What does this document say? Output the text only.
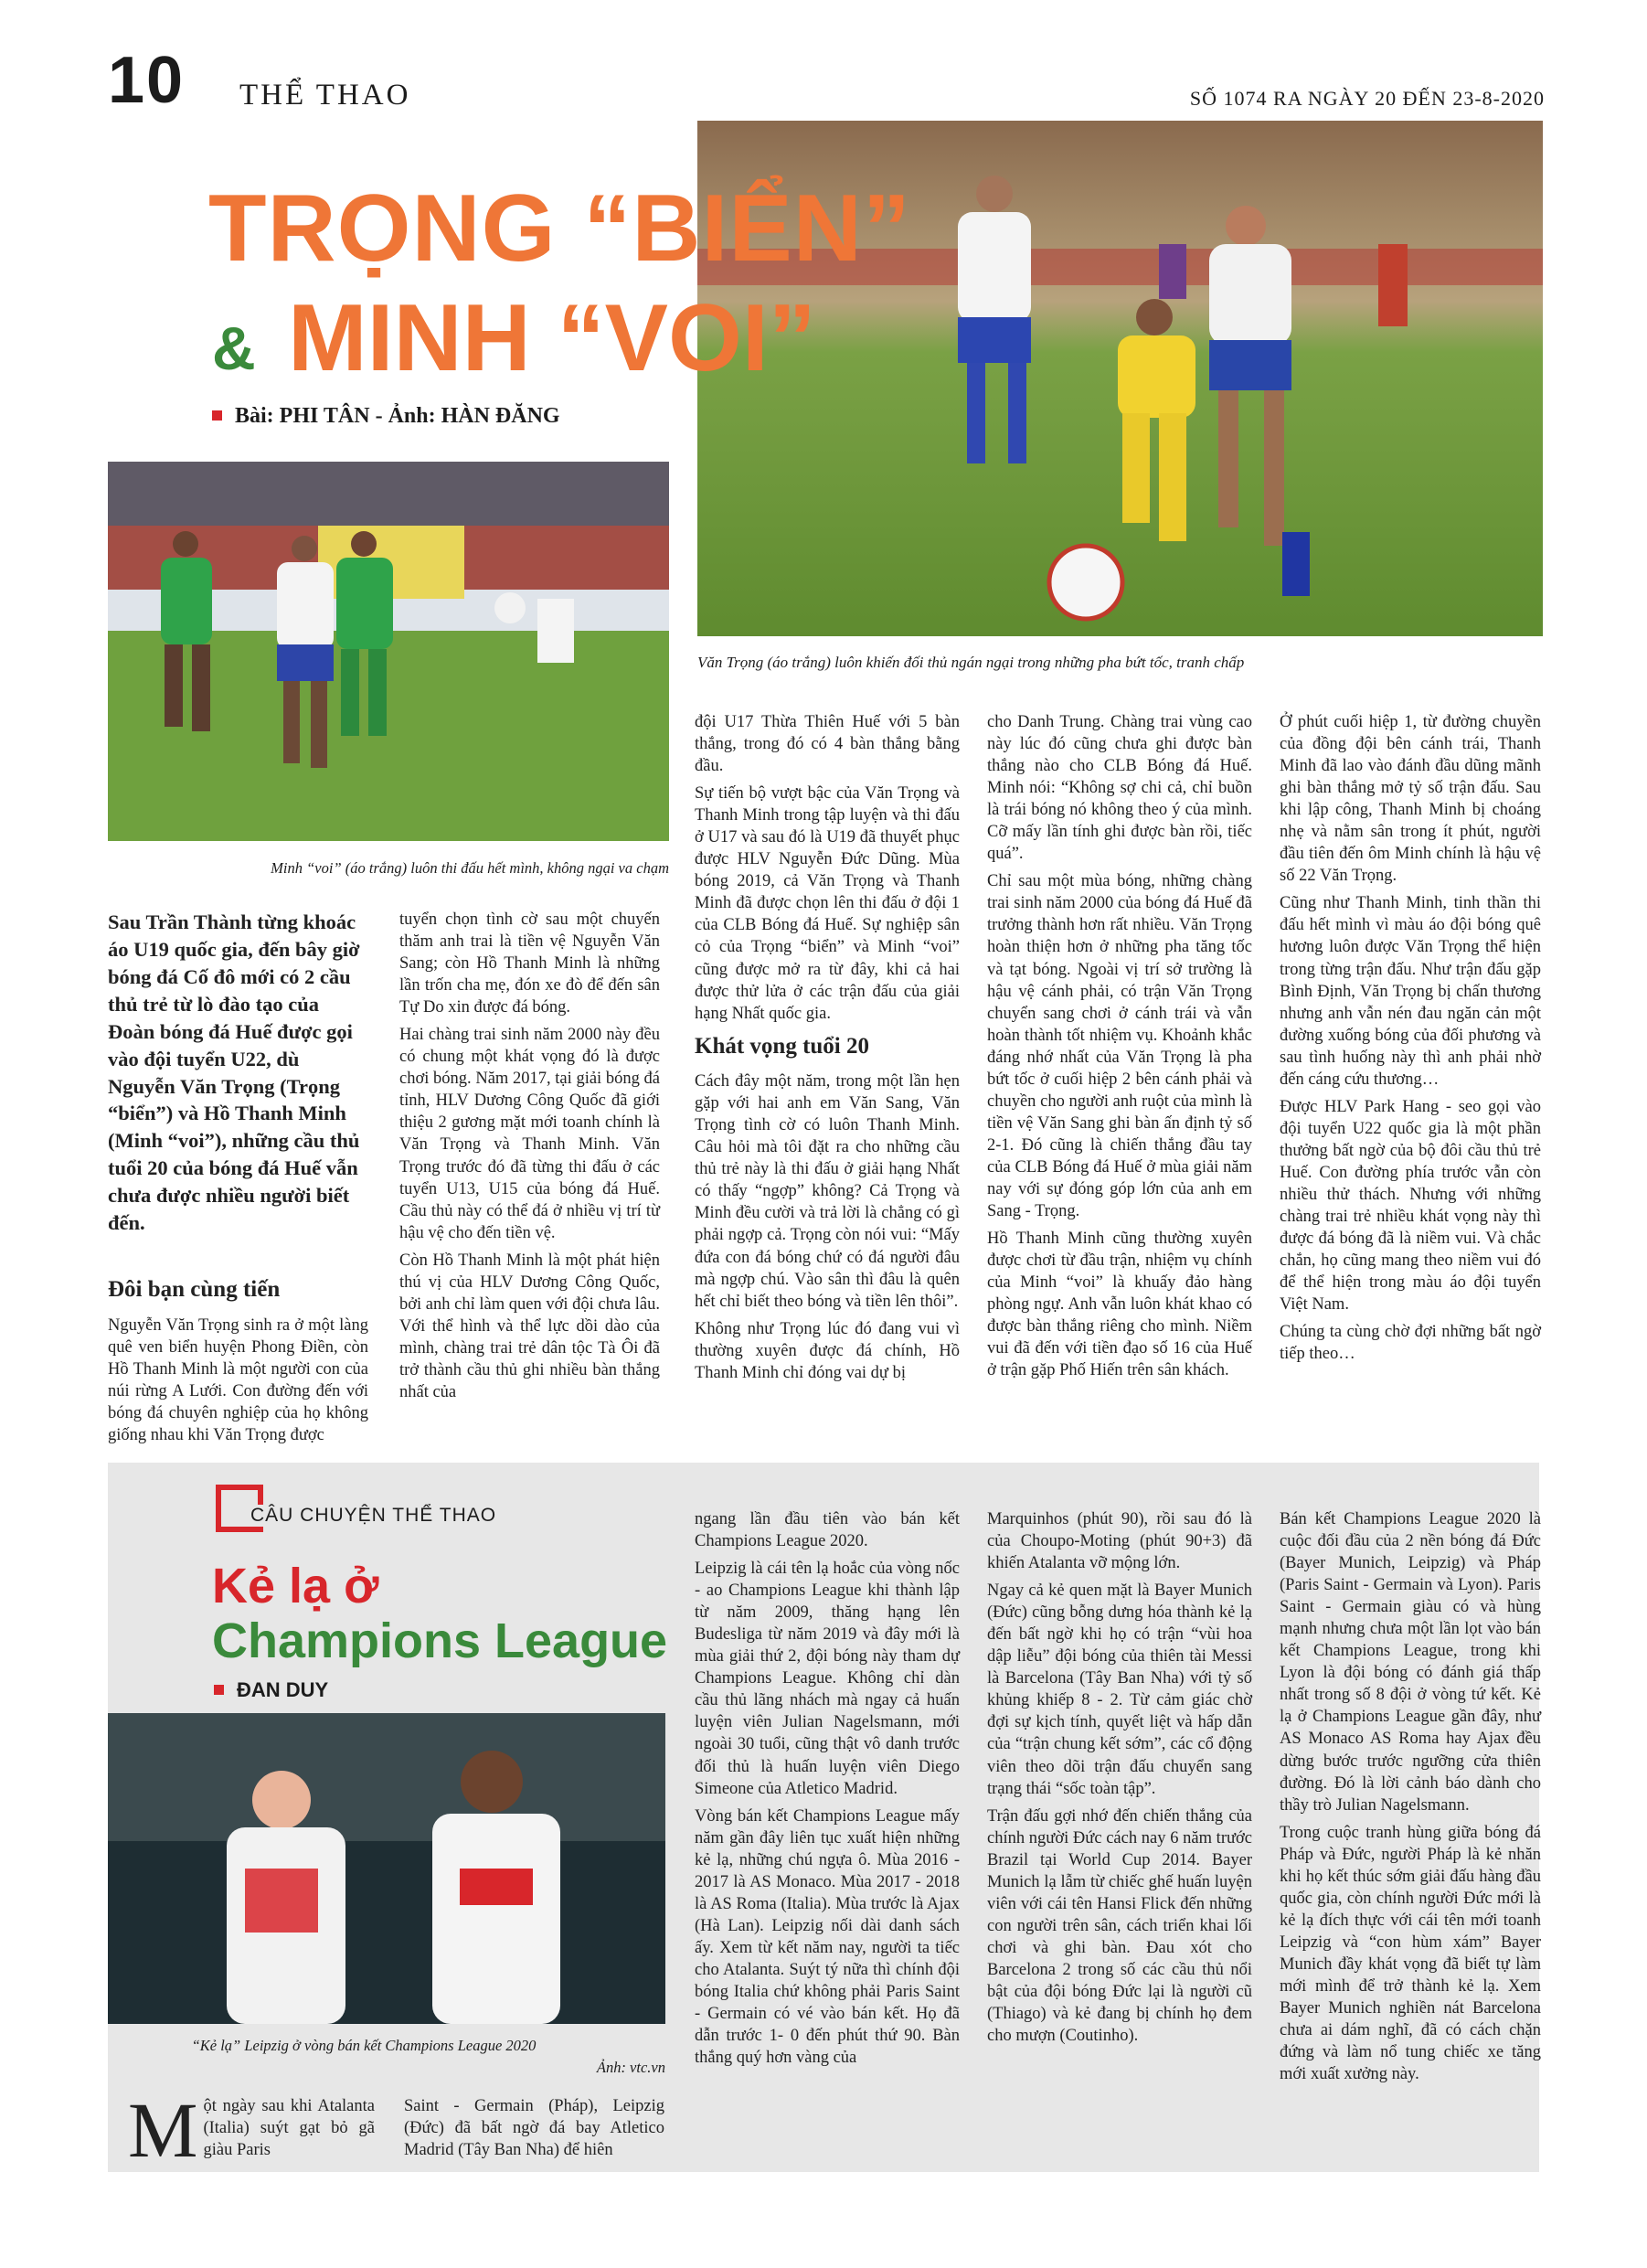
10 THỂ THAO	SỐ 1074 RA NGÀY 20 ĐẾN 23-8-2020
Văn Trọng (áo trắng) luôn khiến đối thủ ngán ngại trong những pha bứt tốc, tranh chấp
TRỌNG “BIỂN”
& MINH “VOI”
Bài: PHI TÂN - Ảnh: HÀN ĐĂNG
Minh “voi” (áo trắng) luôn thi đấu hết mình, không ngại va chạm

Sau Trần Thành từng khoác áo U19 quốc gia, đến bây giờ bóng đá Cố đô mới có 2 cầu thủ trẻ từ lò đào tạo của Đoàn bóng đá Huế được gọi vào đội tuyển U22, dù Nguyễn Văn Trọng (Trọng “biển”) và Hồ Thanh Minh (Minh “voi”), những cầu thủ tuổi 20 của bóng đá Huế vẫn chưa được nhiều người biết đến.

Đôi bạn cùng tiến

Nguyễn Văn Trọng sinh ra ở một làng quê ven biển huyện Phong Điền, còn Hồ Thanh Minh là một người con của núi rừng A Lưới. Con đường đến với bóng đá chuyên nghiệp của họ không giống nhau khi Văn Trọng được

tuyển chọn tình cờ sau một chuyến thăm anh trai là tiền vệ Nguyễn Văn Sang; còn Hồ Thanh Minh là những lần trốn cha mẹ, đón xe đò để đến sân Tự Do xin được đá bóng.

Hai chàng trai sinh năm 2000 này đều có chung một khát vọng đó là được chơi bóng. Năm 2017, tại giải bóng đá tỉnh, HLV Dương Công Quốc đã giới thiệu 2 gương mặt mới toanh chính là Văn Trọng và Thanh Minh. Văn Trọng trước đó đã từng thi đấu ở các tuyển U13, U15 của bóng đá Huế. Cầu thủ này có thể đá ở nhiều vị trí từ hậu vệ cho đến tiền vệ.

Còn Hồ Thanh Minh là một phát hiện thú vị của HLV Dương Công Quốc, bởi anh chỉ làm quen với đội chưa lâu. Với thể hình và thể lực dồi dào của mình, chàng trai trẻ dân tộc Tà Ôi đã trở thành cầu thủ ghi nhiều bàn thắng nhất của

đội U17 Thừa Thiên Huế với 5 bàn thắng, trong đó có 4 bàn thắng bằng đầu.

Sự tiến bộ vượt bậc của Văn Trọng và Thanh Minh trong tập luyện và thi đấu ở U17 và sau đó là U19 đã thuyết phục được HLV Nguyễn Đức Dũng. Mùa bóng 2019, cả Văn Trọng và Thanh Minh đã được chọn lên thi đấu ở đội 1 của CLB Bóng đá Huế. Sự nghiệp sân cỏ của Trọng “biển” và Minh “voi” cũng được mở ra từ đây, khi cả hai được thử lửa ở các trận đấu của giải hạng Nhất quốc gia.

Khát vọng tuổi 20

Cách đây một năm, trong một lần hẹn gặp với hai anh em Văn Sang, Văn Trọng tình cờ có luôn Thanh Minh. Câu hỏi mà tôi đặt ra cho những cầu thủ trẻ này là thi đấu ở giải hạng Nhất có thấy “ngợp” không? Cả Trọng và Minh đều cười và trả lời là chẳng có gì phải ngợp cả. Trọng còn nói vui: “Mấy đứa con đá bóng chứ có đá người đâu mà ngợp chú. Vào sân thì đâu là quên hết chỉ biết theo bóng và tiền lên thôi”.

Không như Trọng lúc đó đang vui vì thường xuyên được đá chính, Hồ Thanh Minh chỉ đóng vai dự bị

cho Danh Trung. Chàng trai vùng cao này lúc đó cũng chưa ghi được bàn thắng nào cho CLB Bóng đá Huế. Minh nói: “Không sợ chi cả, chỉ buồn là trái bóng nó không theo ý của mình. Cỡ mấy lần tính ghi được bàn rồi, tiếc quá”.

Chỉ sau một mùa bóng, những chàng trai sinh năm 2000 của bóng đá Huế đã trưởng thành hơn rất nhiều. Văn Trọng hoàn thiện hơn ở những pha tăng tốc và tạt bóng. Ngoài vị trí sở trường là hậu vệ cánh phải, có trận Văn Trọng chuyển sang chơi ở cánh trái và vẫn hoàn thành tốt nhiệm vụ. Khoảnh khắc đáng nhớ nhất của Văn Trọng là pha bứt tốc ở cuối hiệp 2 bên cánh phải và chuyền cho người anh ruột của mình là tiền vệ Văn Sang ghi bàn ấn định tỷ số 2-1. Đó cũng là chiến thắng đầu tay của CLB Bóng đá Huế ở mùa giải năm nay với sự đóng góp lớn của anh em Sang - Trọng.

Hồ Thanh Minh cũng thường xuyên được chơi từ đầu trận, nhiệm vụ chính của Minh “voi” là khuấy đảo hàng phòng ngự. Anh vẫn luôn khát khao có được bàn thắng riêng cho mình. Niềm vui đã đến với tiền đạo số 16 của Huế ở trận gặp Phố Hiến trên sân khách.

Ở phút cuối hiệp 1, từ đường chuyền của đồng đội bên cánh trái, Thanh Minh đã lao vào đánh đầu dũng mãnh ghi bàn thắng mở tỷ số trận đấu. Sau khi lập công, Thanh Minh bị choáng nhẹ và nằm sân trong ít phút, người đầu tiên đến ôm Minh chính là hậu vệ số 22 Văn Trọng.

Cũng như Thanh Minh, tinh thần thi đấu hết mình vì màu áo đội bóng quê hương luôn được Văn Trọng thể hiện trong từng trận đấu. Như trận đấu gặp Bình Định, Văn Trọng bị chấn thương nhưng anh vẫn nén đau ngăn cản một đường xuống bóng của đối phương và sau tình huống này thì anh phải nhờ đến cáng cứu thương…

Được HLV Park Hang - seo gọi vào đội tuyển U22 quốc gia là một phần thưởng bất ngờ của bộ đôi cầu thủ trẻ Huế. Con đường phía trước vẫn còn nhiều thử thách. Nhưng với những chàng trai trẻ nhiều khát vọng này thì được đá bóng đã là niềm vui. Và chắc chắn, họ cũng mang theo niềm vui đó để thể hiện trong màu áo đội tuyển Việt Nam.

Chúng ta cùng chờ đợi những bất ngờ tiếp theo…

CÂU CHUYỆN THỂ THAO
Kẻ lạ ở
Champions League
ĐAN DUY
“Kẻ lạ” Leipzig ở vòng bán kết Champions League 2020
Ảnh: vtc.vn
Một ngày sau khi Atalanta (Italia) suýt gạt bỏ gã giàu Paris

Saint - Germain (Pháp), Leipzig (Đức) đã bất ngờ đá bay Atletico Madrid (Tây Ban Nha) để hiên

ngang lần đầu tiên vào bán kết Champions League 2020.

Leipzig là cái tên lạ hoắc của vòng nốc - ao Champions League khi thành lập từ năm 2009, thăng hạng lên Budesliga từ năm 2019 và đây mới là mùa giải thứ 2, đội bóng này tham dự Champions League. Không chỉ dàn cầu thủ lãng nhách mà ngay cả huấn luyện viên Julian Nagelsmann, mới ngoài 30 tuổi, cũng thật vô danh trước đối thủ là huấn luyện viên Diego Simeone của Atletico Madrid.

Vòng bán kết Champions League mấy năm gần đây liên tục xuất hiện những kẻ lạ, những chú ngựa ô. Mùa 2016 - 2017 là AS Monaco. Mùa 2017 - 2018 là AS Roma (Italia). Mùa trước là Ajax (Hà Lan). Leipzig nối dài danh sách ấy. Xem từ kết năm nay, người ta tiếc cho Atalanta. Suýt tý nữa thì chính đội bóng Italia chứ không phải Paris Saint - Germain có vé vào bán kết. Họ đã dẫn trước 1- 0 đến phút thứ 90. Bàn thắng quý hơn vàng của

Marquinhos (phút 90), rồi sau đó là của Choupo-Moting (phút 90+3) đã khiến Atalanta vỡ mộng lớn.

Ngay cả kẻ quen mặt là Bayer Munich (Đức) cũng bỗng dưng hóa thành kẻ lạ đến bất ngờ khi họ có trận “vùi hoa dập liễu” đội bóng của thiên tài Messi là Barcelona (Tây Ban Nha) với tỷ số khủng khiếp 8 - 2. Từ cảm giác chờ đợi sự kịch tính, quyết liệt và hấp dẫn của “trận chung kết sớm”, các cổ động viên theo dõi trận đấu chuyển sang trạng thái “sốc toàn tập”.

Trận đấu gợi nhớ đến chiến thắng của chính người Đức cách nay 6 năm trước Brazil tại World Cup 2014. Bayer Munich lạ lẫm từ chiếc ghế huấn luyện viên với cái tên Hansi Flick đến những con người trên sân, cách triển khai lối chơi và ghi bàn. Đau xót cho Barcelona 2 trong số các cầu thủ nổi bật của đội bóng Đức lại là người cũ (Thiago) và kẻ đang bị chính họ đem cho mượn (Coutinho).

Bán kết Champions League 2020 là cuộc đối đầu của 2 nền bóng đá Đức (Bayer Munich, Leipzig) và Pháp (Paris Saint - Germain và Lyon). Paris Saint - Germain giàu có và hùng mạnh nhưng chưa một lần lọt vào bán kết Champions League, trong khi Lyon là đội bóng có đánh giá thấp nhất trong số 8 đội ở vòng tứ kết. Kẻ lạ ở Champions League gần đây, như AS Monaco AS Roma hay Ajax đều dừng bước trước ngưỡng cửa thiên đường. Đó là lời cảnh báo dành cho thầy trò Julian Nagelsmann.

Trong cuộc tranh hùng giữa bóng đá Pháp và Đức, người Pháp là kẻ nhăn khi họ kết thúc sớm giải đấu hàng đầu quốc gia, còn chính người Đức mới là kẻ lạ đích thực với cái tên mới toanh Leipzig và “con hùm xám” Bayer Munich đầy khát vọng đã biết tự làm mới mình để trở thành kẻ lạ. Xem Bayer Munich nghiền nát Barcelona chưa ai dám nghĩ, đã có cách chặn đứng và làm nổ tung chiếc xe tăng mới xuất xưởng này.
